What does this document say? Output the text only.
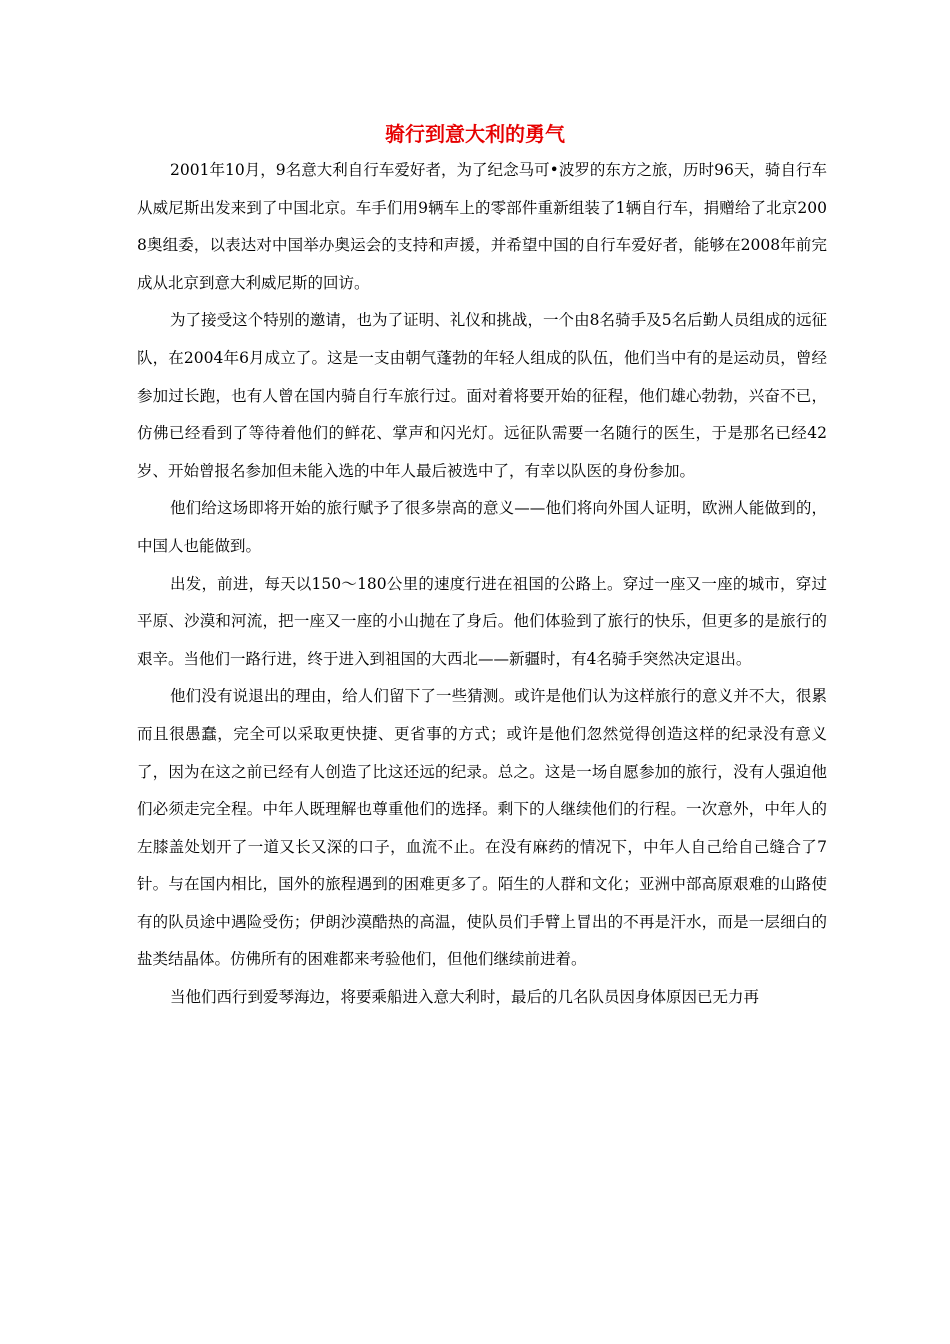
骑行到意大利的勇气

2001年10月，9名意大利自行车爱好者，为了纪念马可•波罗的东方之旅，历时96天，骑自行车从威尼斯出发来到了中国北京。车手们用9辆车上的零部件重新组装了1辆自行车，捐赠给了北京2008奥组委，以表达对中国举办奥运会的支持和声援，并希望中国的自行车爱好者，能够在2008年前完成从北京到意大利威尼斯的回访。

为了接受这个特别的邀请，也为了证明、礼仪和挑战，一个由8名骑手及5名后勤人员组成的远征队，在2004年6月成立了。这是一支由朝气蓬勃的年轻人组成的队伍，他们当中有的是运动员，曾经参加过长跑，也有人曾在国内骑自行车旅行过。面对着将要开始的征程，他们雄心勃勃，兴奋不已，仿佛已经看到了等待着他们的鲜花、掌声和闪光灯。远征队需要一名随行的医生，于是那名已经42岁、开始曾报名参加但未能入选的中年人最后被选中了，有幸以队医的身份参加。

他们给这场即将开始的旅行赋予了很多崇高的意义——他们将向外国人证明，欧洲人能做到的，中国人也能做到。

出发，前进，每天以150～180公里的速度行进在祖国的公路上。穿过一座又一座的城市，穿过平原、沙漠和河流，把一座又一座的小山抛在了身后。他们体验到了旅行的快乐，但更多的是旅行的艰辛。当他们一路行进，终于进入到祖国的大西北——新疆时，有4名骑手突然决定退出。

他们没有说退出的理由，给人们留下了一些猜测。或许是他们认为这样旅行的意义并不大，很累而且很愚蠢，完全可以采取更快捷、更省事的方式；或许是他们忽然觉得创造这样的纪录没有意义了，因为在这之前已经有人创造了比这还远的纪录。总之。这是一场自愿参加的旅行，没有人强迫他们必须走完全程。中年人既理解也尊重他们的选择。剩下的人继续他们的行程。一次意外，中年人的左膝盖处划开了一道又长又深的口子，血流不止。在没有麻药的情况下，中年人自己给自己缝合了7针。与在国内相比，国外的旅程遇到的困难更多了。陌生的人群和文化；亚洲中部高原艰难的山路使有的队员途中遇险受伤；伊朗沙漠酷热的高温，使队员们手臂上冒出的不再是汗水，而是一层细白的盐类结晶体。仿佛所有的困难都来考验他们，但他们继续前进着。

当他们西行到爱琴海边，将要乘船进入意大利时，最后的几名队员因身体原因已无力再
